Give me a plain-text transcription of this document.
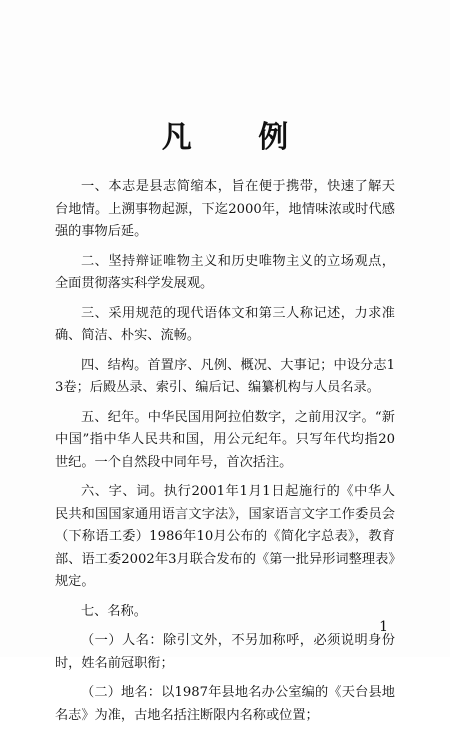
凡 例

一、本志是县志简缩本，旨在便于携带，快速了解天台地情。上溯事物起源，下迄2000年，地情味浓或时代感强的事物后延。

二、坚持辩证唯物主义和历史唯物主义的立场观点，全面贯彻落实科学发展观。

三、采用规范的现代语体文和第三人称记述，力求准确、简洁、朴实、流畅。

四、结构。首置序、凡例、概况、大事记；中设分志13卷；后殿丛录、索引、编后记、编纂机构与人员名录。

五、纪年。中华民国用阿拉伯数字，之前用汉字。“新中国”指中华人民共和国，用公元纪年。只写年代均指20世纪。一个自然段中同年号，首次括注。

六、字、词。执行2001年1月1日起施行的《中华人民共和国国家通用语言文字法》，国家语言文字工作委员会（下称语工委）1986年10月公布的《简化字总表》，教育部、语工委2002年3月联合发布的《第一批异形词整理表》规定。

七、名称。

（一）人名：除引文外，不另加称呼，必须说明身份时，姓名前冠职衔；

（二）地名：以1987年县地名办公室编的《天台县地名志》为准，古地名括注断限内名称或位置；

1
